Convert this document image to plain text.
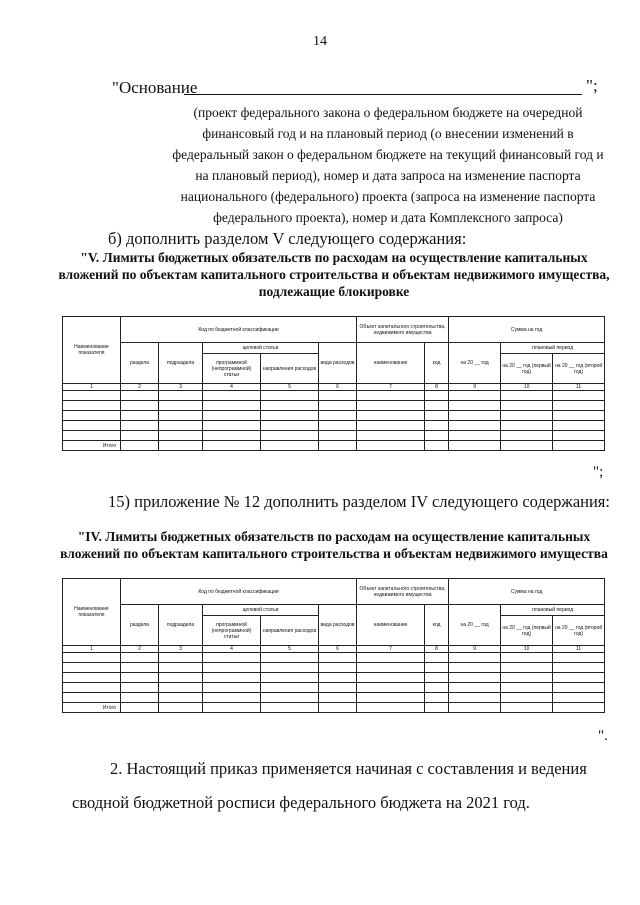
14
"Основание	";
(проект федерального закона о федеральном бюджете на очередной финансовый год и на плановый период (о внесении изменений в федеральный закон о федеральном бюджете на текущий финансовый год и на плановый период), номер и дата запроса на изменение паспорта национального (федерального) проекта (запроса на изменение паспорта федерального проекта), номер и дата Комплексного запроса)
б) дополнить разделом V следующего содержания:
"V. Лимиты бюджетных обязательств по расходам на осуществление капитальных вложений по объектам капитального строительства и объектам недвижимого имущества, подлежащие блокировке
Наименование показателя	Код по бюджетной классификации					Объект капитального строительства, недвижимого имущества		Сумма на год		
	раздела	подраздела	целевой статьи		вида расходов	наименование	код	на 20 __ год	плановый период	
			программной (непрограммной) статьи	направления расходов					на 20 __ год (первый год)	на 20 __ год (второй год)
1	2	3	4	5	6	7	8	9	10	11

Итого										
";
15) приложение № 12 дополнить разделом IV следующего содержания:
"IV. Лимиты бюджетных обязательств по расходам на осуществление капитальных вложений по объектам капитального строительства и объектам недвижимого имущества
Наименование показателя	Код по бюджетной классификации					Объект капитального строительства, недвижимого имущества		Сумма на год		
	раздела	подраздела	целевой статьи		вида расходов	наименование	код	на 20 __ год	плановый период	
			программной (непрограммной) статьи	направления расходов					на 20 __ год (первый год)	на 20 __ год (второй год)
1	2	3	4	5	6	7	8	9	10	11

Итого										
".
2. Настоящий приказ применяется начиная с составления и ведения сводной бюджетной росписи федерального бюджета на 2021 год.
